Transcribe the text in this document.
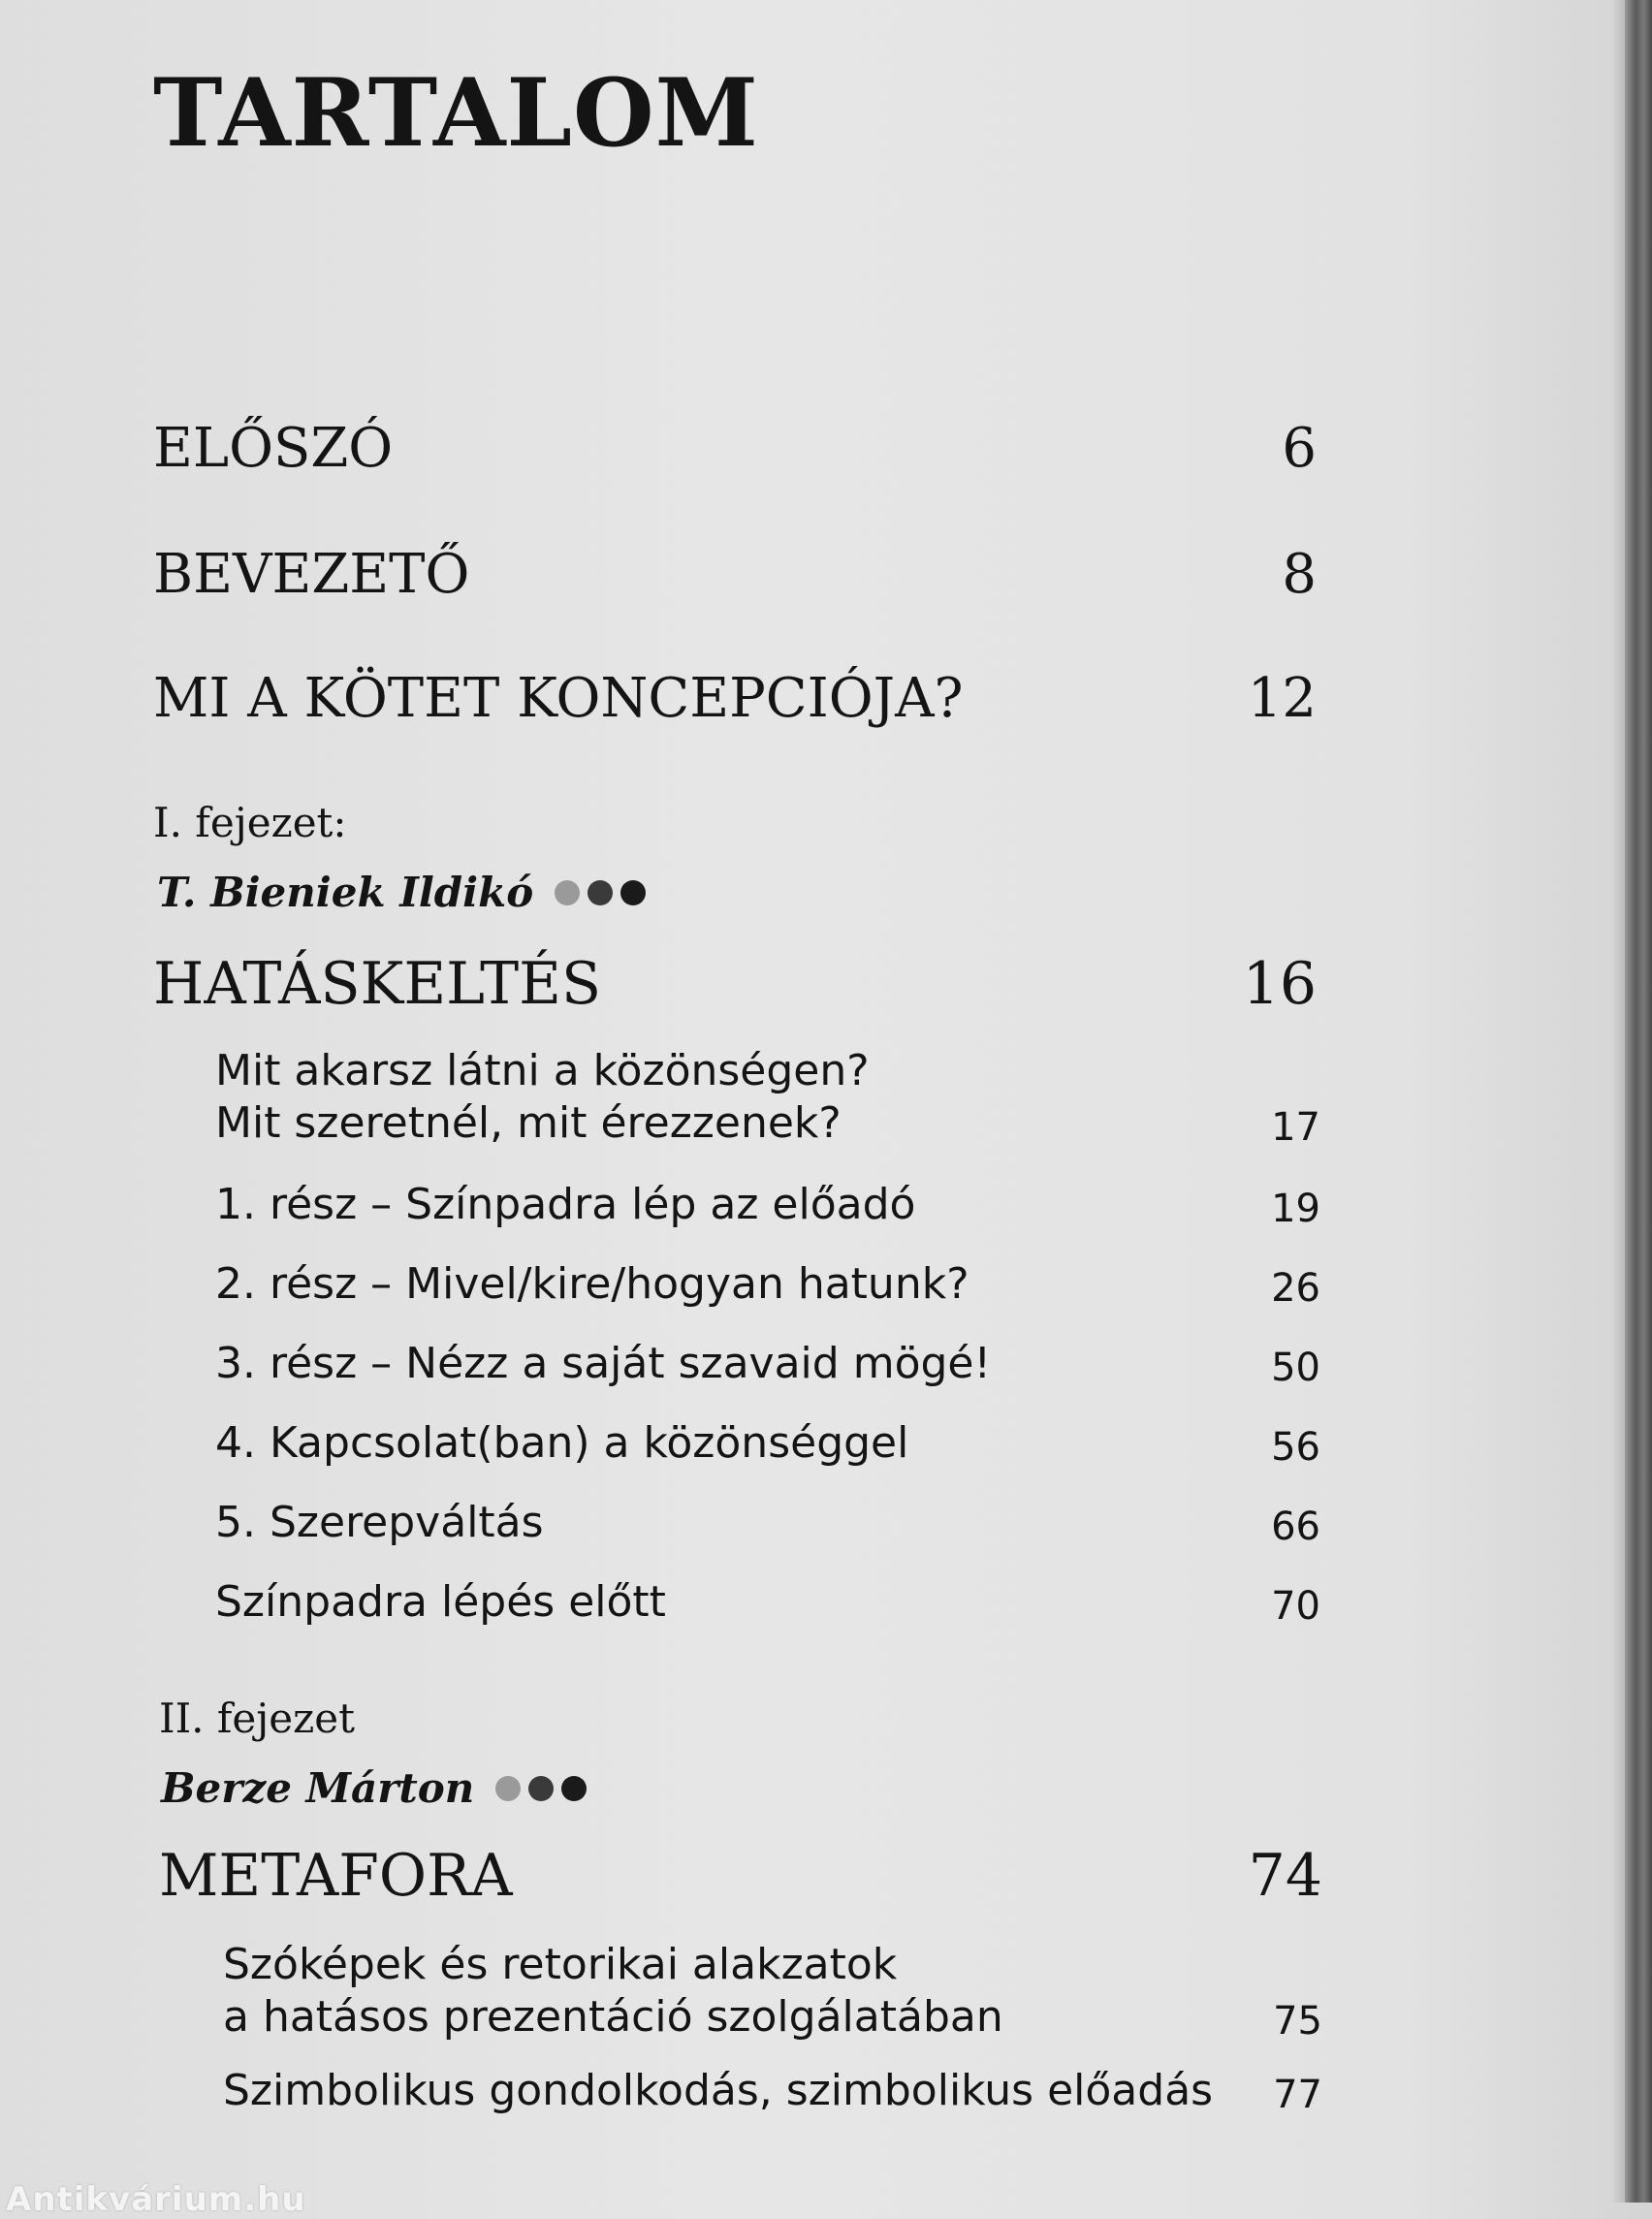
TARTALOM
ELŐSZÓ	6
BEVEZETŐ	8
MI A KÖTET KONCEPCIÓJA?	12
I. fejezet:
T. Bieniek Ildikó
HATÁSKELTÉS	16
Mit akarsz látni a közönségen?
Mit szeretnél, mit érezzenek?	17
1. rész – Színpadra lép az előadó	19
2. rész – Mivel/kire/hogyan hatunk?	26
3. rész – Nézz a saját szavaid mögé!	50
4. Kapcsolat(ban) a közönséggel	56
5. Szerepváltás	66
Színpadra lépés előtt	70
II. fejezet
Berze Márton
METAFORA	74
Szóképek és retorikai alakzatok
a hatásos prezentáció szolgálatában	75
Szimbolikus gondolkodás, szimbolikus előadás 77
Antikvárium.hu
